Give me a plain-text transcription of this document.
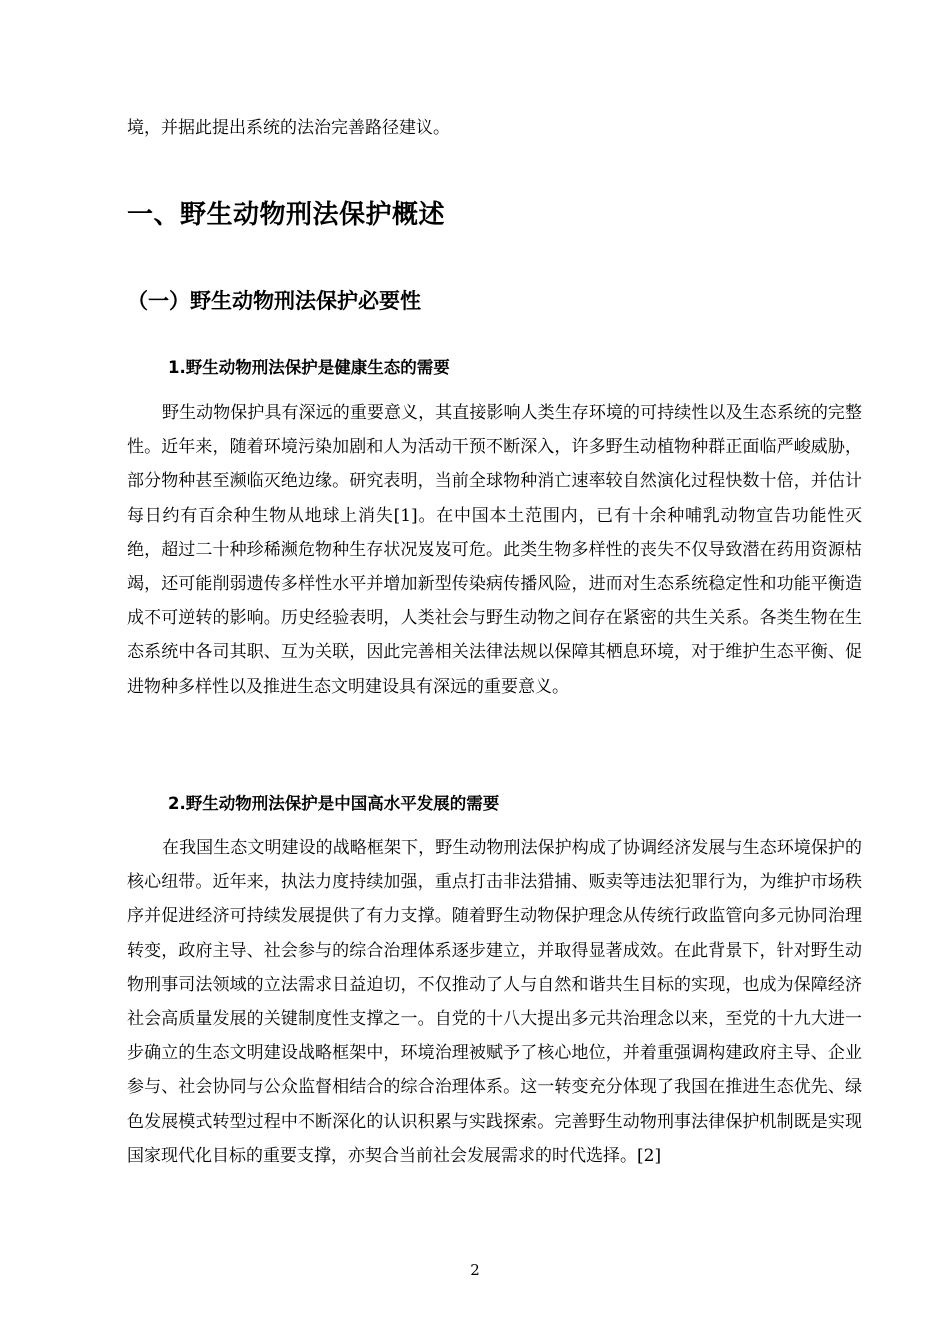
境，并据此提出系统的法治完善路径建议。
一、野生动物刑法保护概述
（一）野生动物刑法保护必要性
1.野生动物刑法保护是健康生态的需要

野生动物保护具有深远的重要意义，其直接影响人类生存环境的可持续性以及生态系统的完整性。近年来，随着环境污染加剧和人为活动干预不断深入，许多野生动植物种群正面临严峻威胁，部分物种甚至濒临灭绝边缘。研究表明，当前全球物种消亡速率较自然演化过程快数十倍，并估计每日约有百余种生物从地球上消失[1]。在中国本土范围内，已有十余种哺乳动物宣告功能性灭绝，超过二十种珍稀濒危物种生存状况岌岌可危。此类生物多样性的丧失不仅导致潜在药用资源枯竭，还可能削弱遗传多样性水平并增加新型传染病传播风险，进而对生态系统稳定性和功能平衡造成不可逆转的影响。历史经验表明，人类社会与野生动物之间存在紧密的共生关系。各类生物在生态系统中各司其职、互为关联，因此完善相关法律法规以保障其栖息环境，对于维护生态平衡、促进物种多样性以及推进生态文明建设具有深远的重要意义。

2.野生动物刑法保护是中国高水平发展的需要

在我国生态文明建设的战略框架下，野生动物刑法保护构成了协调经济发展与生态环境保护的核心纽带。近年来，执法力度持续加强，重点打击非法猎捕、贩卖等违法犯罪行为，为维护市场秩序并促进经济可持续发展提供了有力支撑。随着野生动物保护理念从传统行政监管向多元协同治理转变，政府主导、社会参与的综合治理体系逐步建立，并取得显著成效。在此背景下，针对野生动物刑事司法领域的立法需求日益迫切，不仅推动了人与自然和谐共生目标的实现，也成为保障经济社会高质量发展的关键制度性支撑之一。自党的十八大提出多元共治理念以来，至党的十九大进一步确立的生态文明建设战略框架中，环境治理被赋予了核心地位，并着重强调构建政府主导、企业参与、社会协同与公众监督相结合的综合治理体系。这一转变充分体现了我国在推进生态优先、绿色发展模式转型过程中不断深化的认识积累与实践探索。完善野生动物刑事法律保护机制既是实现国家现代化目标的重要支撑，亦契合当前社会发展需求的时代选择。[2]

2
